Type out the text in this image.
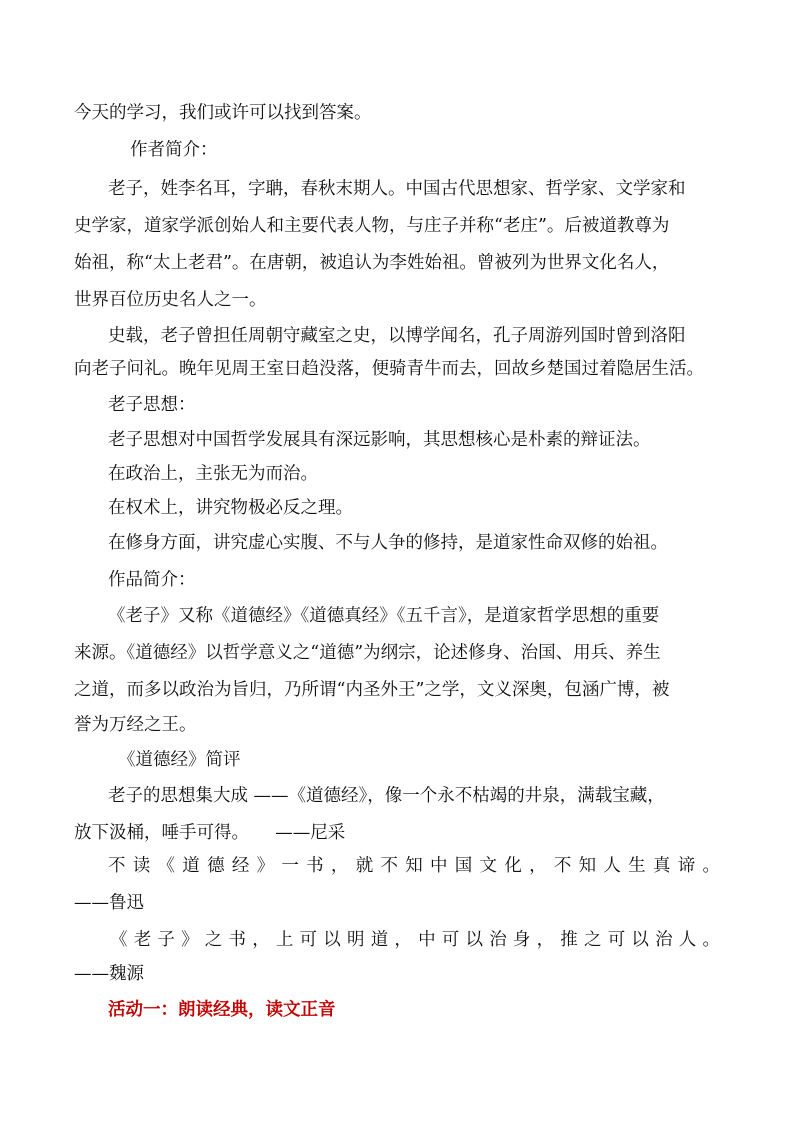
今天的学习，我们或许可以找到答案。

作者简介：

老子，姓李名耳，字聃，春秋末期人。中国古代思想家、哲学家、文学家和

史学家，道家学派创始人和主要代表人物，与庄子并称“老庄”。后被道教尊为

始祖，称“太上老君”。在唐朝，被追认为李姓始祖。曾被列为世界文化名人，

世界百位历史名人之一。

史载，老子曾担任周朝守藏室之史，以博学闻名，孔子周游列国时曾到洛阳

向老子问礼。晚年见周王室日趋没落，便骑青牛而去，回故乡楚国过着隐居生活。

老子思想：

老子思想对中国哲学发展具有深远影响，其思想核心是朴素的辩证法。

在政治上，主张无为而治。

在权术上，讲究物极必反之理。

在修身方面，讲究虚心实腹、不与人争的修持，是道家性命双修的始祖。

作品简介：

《老子》又称《道德经》《道德真经》《五千言》，是道家哲学思想的重要

来源。《道德经》以哲学意义之“道德”为纲宗，论述修身、治国、用兵、养生

之道，而多以政治为旨归，乃所谓“内圣外王”之学，文义深奥，包涵广博，被

誉为万经之王。

《道德经》简评

老子的思想集大成 ——《道德经》，像一个永不枯竭的井泉，满载宝藏，

放下汲桶，唾手可得。　　——尼采

不读《道德经》一书，就不知中国文化，不知人生真谛。

——鲁迅

《老子》之书，上可以明道，中可以治身，推之可以治人。

——魏源

活动一：朗读经典，读文正音
